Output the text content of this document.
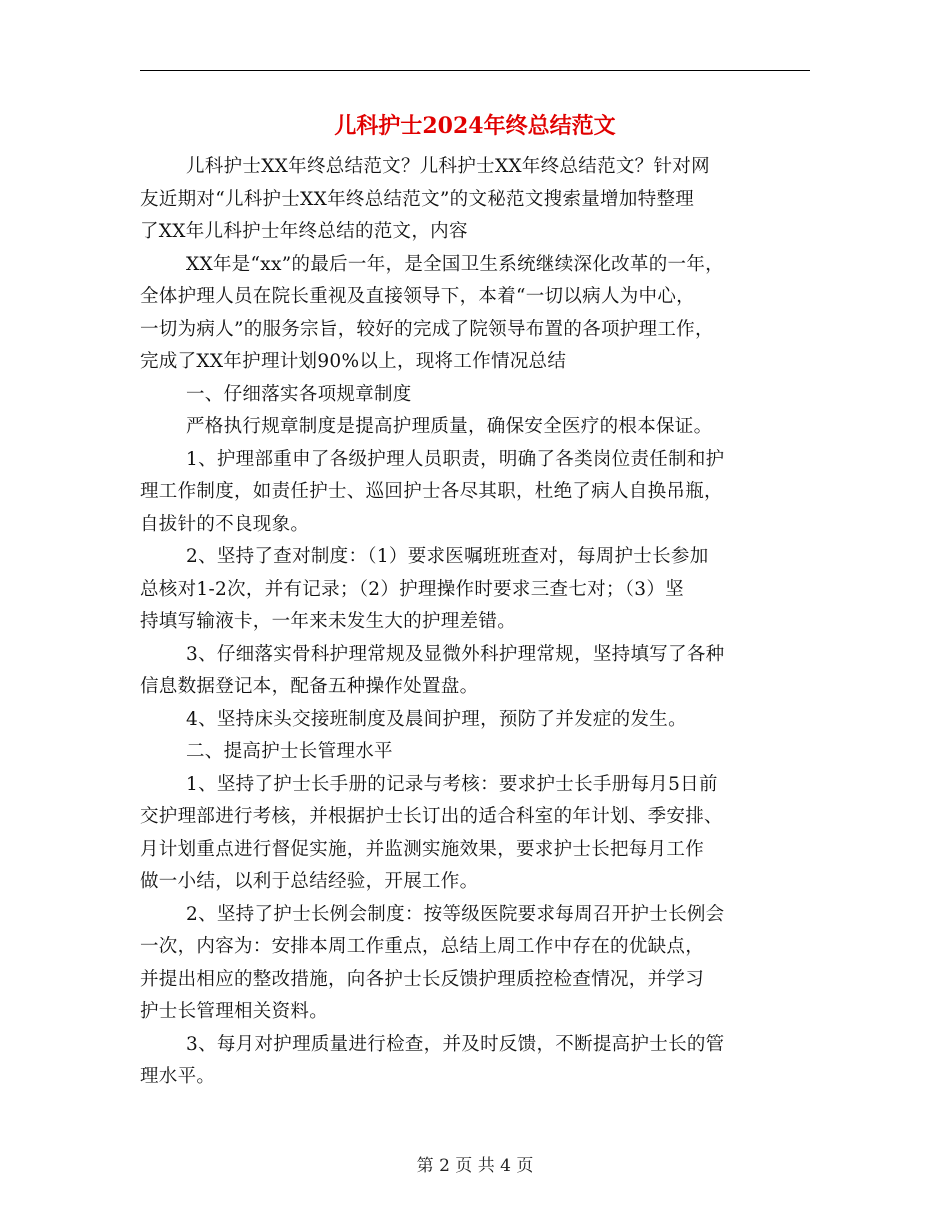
儿科护士2024年终总结范文
儿科护士XX年终总结范文？儿科护士XX年终总结范文？针对网
友近期对“儿科护士XX年终总结范文”的文秘范文搜索量增加特整理
了XX年儿科护士年终总结的范文，内容
XX年是“xx”的最后一年，是全国卫生系统继续深化改革的一年，
全体护理人员在院长重视及直接领导下，本着“一切以病人为中心，
一切为病人”的服务宗旨，较好的完成了院领导布置的各项护理工作，
完成了XX年护理计划90%以上，现将工作情况总结
一、仔细落实各项规章制度
严格执行规章制度是提高护理质量，确保安全医疗的根本保证。
1、护理部重申了各级护理人员职责，明确了各类岗位责任制和护
理工作制度，如责任护士、巡回护士各尽其职，杜绝了病人自换吊瓶，
自拔针的不良现象。
2、坚持了查对制度：（1）要求医嘱班班查对，每周护士长参加
总核对1-2次，并有记录；（2）护理操作时要求三查七对；（3）坚
持填写输液卡，一年来未发生大的护理差错。
3、仔细落实骨科护理常规及显微外科护理常规，坚持填写了各种
信息数据登记本，配备五种操作处置盘。
4、坚持床头交接班制度及晨间护理，预防了并发症的发生。
二、提高护士长管理水平
1、坚持了护士长手册的记录与考核：要求护士长手册每月5日前
交护理部进行考核，并根据护士长订出的适合科室的年计划、季安排、
月计划重点进行督促实施，并监测实施效果，要求护士长把每月工作
做一小结，以利于总结经验，开展工作。
2、坚持了护士长例会制度：按等级医院要求每周召开护士长例会
一次，内容为：安排本周工作重点，总结上周工作中存在的优缺点，
并提出相应的整改措施，向各护士长反馈护理质控检查情况，并学习
护士长管理相关资料。
3、每月对护理质量进行检查，并及时反馈，不断提高护士长的管
理水平。
第 2 页 共 4 页
